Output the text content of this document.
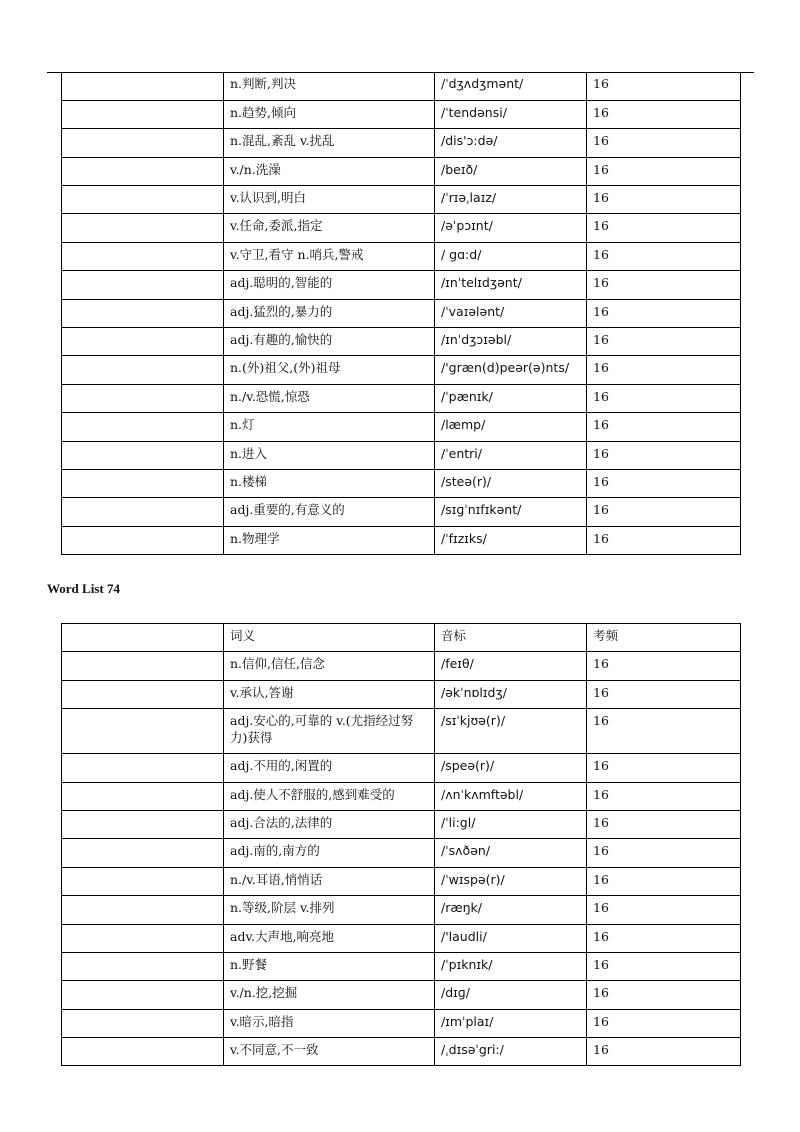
	n.判断,判决	/ˈdʒʌdʒmənt/	16
	n.趋势,倾向	/ˈtendənsi/	16
	n.混乱,紊乱 v.扰乱	/dis'ɔ:də/	16
	v./n.洗澡	/beɪð/	16
	v.认识到,明白	/ˈrɪəˌlaɪz/	16
	v.任命,委派,指定	/əˈpɔɪnt/	16
	v.守卫,看守 n.哨兵,警戒	/ gɑ:d/	16
	adj.聪明的,智能的	/ɪnˈtelɪdʒənt/	16
	adj.猛烈的,暴力的	/ˈvaɪələnt/	16
	adj.有趣的,愉快的	/ɪnˈdʒɔɪəbl/	16
	n.(外)祖父,(外)祖母	/'græn(d)peər(ə)nts/	16
	n./v.恐慌,惊恐	/ˈpænɪk/	16
	n.灯	/læmp/	16
	n.进入	/ˈentri/	16
	n.楼梯	/steə(r)/	16
	adj.重要的,有意义的	/sɪɡˈnɪfɪkənt/	16
	n.物理学	/ˈfɪzɪks/	16
Word List 74
	词义	音标	考频
	n.信仰,信任,信念	/feɪθ/	16
	v.承认,答谢	/əkˈnɒlɪdʒ/	16
	adj.安心的,可靠的 v.(尤指经过努力)获得	/sɪˈkjʊə(r)/	16
	adj.不用的,闲置的	/speə(r)/	16
	adj.使人不舒服的,感到难受的	/ʌnˈkʌmftəbl/	16
	adj.合法的,法律的	/ˈli:gl/	16
	adj.南的,南方的	/ˈsʌðən/	16
	n./v.耳语,悄悄话	/ˈwɪspə(r)/	16
	n.等级,阶层 v.排列	/ræŋk/	16
	adv.大声地,响亮地	/'laudli/	16
	n.野餐	/ˈpɪknɪk/	16
	v./n.挖,挖掘	/dɪɡ/	16
	v.暗示,暗指	/ɪmˈplaɪ/	16
	v.不同意,不一致	/ˌdɪsəˈgri:/	16
